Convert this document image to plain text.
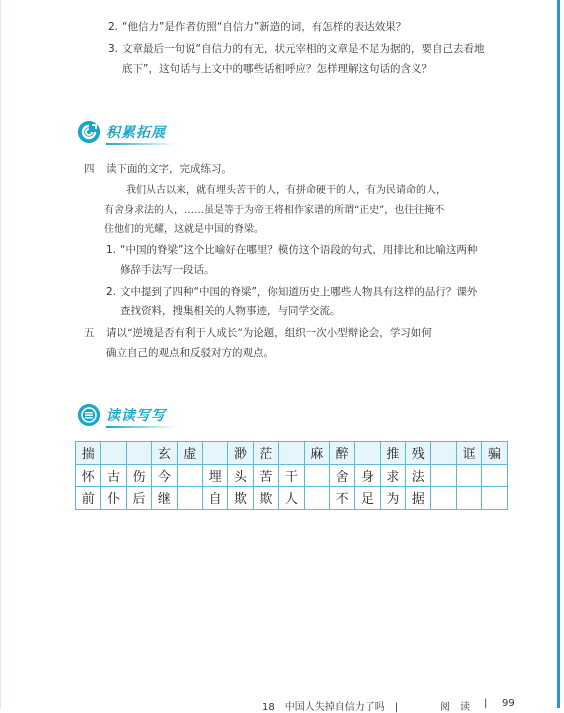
2. “他信力”是作者仿照“自信力”新造的词，有怎样的表达效果？
3. 文章最后一句说“自信力的有无，状元宰相的文章是不足为据的，要自己去看地
底下”，这句话与上文中的哪些话相呼应？怎样理解这句话的含义？
积累拓展
四 读下面的文字，完成练习。
我们从古以来，就有埋头苦干的人，有拼命硬干的人，有为民请命的人，
有舍身求法的人，……虽是等于为帝王将相作家谱的所谓“正史”，也往往掩不
住他们的光耀，这就是中国的脊梁。
1. “中国的脊梁”这个比喻好在哪里？模仿这个语段的句式，用排比和比喻这两种
修辞手法写一段话。
2. 文中提到了四种“中国的脊梁”，你知道历史上哪些人物具有这样的品行？课外
查找资料，搜集相关的人物事迹，与同学交流。
五 请以“逆境是否有利于人成长”为论题，组织一次小型辩论会，学习如何
确立自己的观点和反驳对方的观点。
读读写写
揣			玄	虚		渺	茫		麻	醉		推	残		诓	骗
怀	古	伤	今		埋	头	苦	干		舍	身	求	法			
前	仆	后	继		自	欺	欺	人		不	足	为	据			
18　中国人失掉自信力了吗　|	阅　读 | 99
